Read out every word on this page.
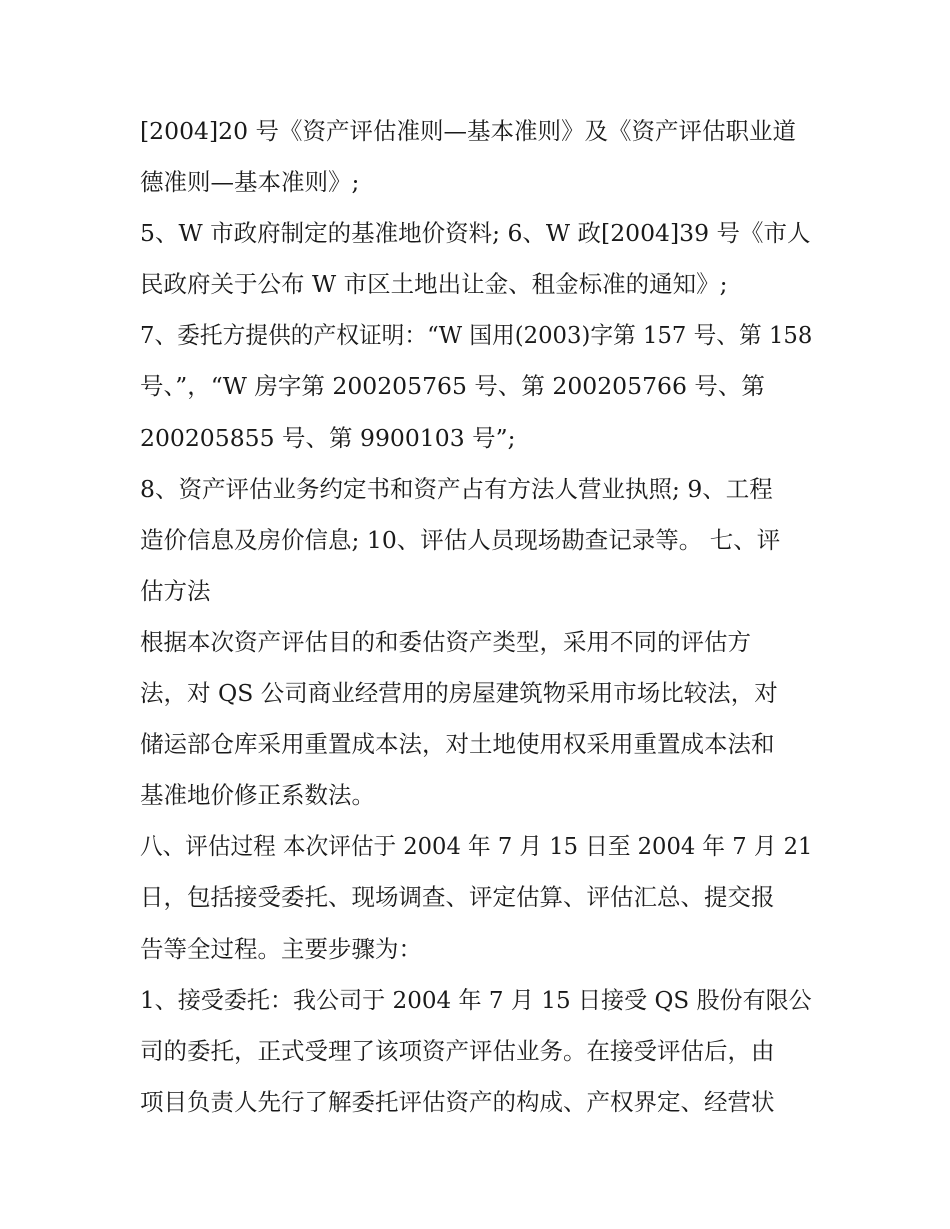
[2004]20 号《资产评估准则—基本准则》及《资产评估职业道
德准则—基本准则》;
5、W 市政府制定的基准地价资料; 6、W 政[2004]39 号《市人
民政府关于公布 W 市区土地出让金、租金标准的通知》;
7、委托方提供的产权证明：“W 国用(2003)字第 157 号、第 158
号、”，“W 房字第 200205765 号、第 200205766 号、第
200205855 号、第 9900103 号”;
8、资产评估业务约定书和资产占有方法人营业执照; 9、工程
造价信息及房价信息; 10、评估人员现场勘查记录等。 七、评
估方法
根据本次资产评估目的和委估资产类型，采用不同的评估方
法，对 QS 公司商业经营用的房屋建筑物采用市场比较法，对
储运部仓库采用重置成本法，对土地使用权采用重置成本法和
基准地价修正系数法。
八、评估过程 本次评估于 2004 年 7 月 15 日至 2004 年 7 月 21
日，包括接受委托、现场调查、评定估算、评估汇总、提交报
告等全过程。主要步骤为：
1、接受委托：我公司于 2004 年 7 月 15 日接受 QS 股份有限公
司的委托，正式受理了该项资产评估业务。在接受评估后，由
项目负责人先行了解委托评估资产的构成、产权界定、经营状
